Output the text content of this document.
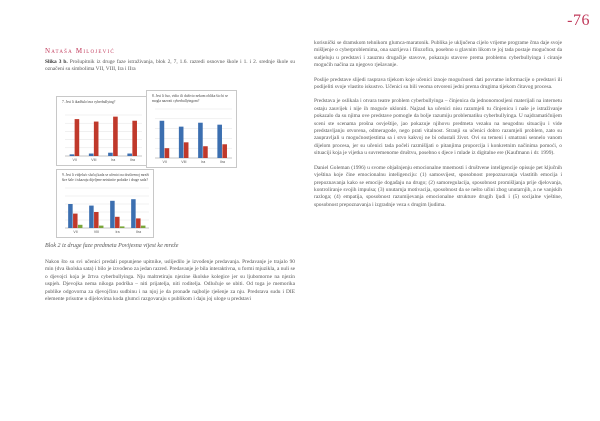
-76
Nataša Milojević
Slika 3 b. Prošupitnik iz druge faze istraživanja, blok 2, 7, 1.6. razredi osnovne škole i 1. i 2. srednje škole su označeni su simbolima VII, VIII, Ira i IIra
7. Jesi li ikadšulo/ava cyberbullying?
VII	VIII	Ira	IIra
8. Jesi li čuo, vidio ili doživio nekom oblika što bi se mogla nazvati cyberbullyingom?
VII	VIII	Ira	IIra
9. Jesi li vidjela/o slučaj kada se učenici na društvenoj mreži šire šale i iskazuju dijeljene neistinite podatke i druge sada?
VII	VIII	Ira	IIra
Blok 2 iz druge faze predmeta Povijesna vijest ke mreže
Nakon što su svi učenici predali popunjene upitnike, uslijedilo je izvođenje predavanja. Predavanje je trajalo 90 min (dva školska sata) i bilo je izvođeno za jedan razred. Predavanje je bila interaktivna, u formi mjuzikla, a nuli se o djevojci koja je žrtva cyberbullyinga. Nju maltretiraju njezine školske kolegice jer su ljubomorne na njezin uspjeh. Djevojka nema nikoga podrška – niti prijatelja, niti roditelja. Odlučuje se ubiti. Od toga je memorika publike odgovorna za djevojčinu sudbinu i na njoj je da pronađe najbolje rješenje za nju. Predstava sudu i DIE elemente prisutne u dijelovima koda glumci razgovaraju s publikom i daju joj uloge u predstavi

korisnički se dramskom tehnikom glumca-maratonik. Publika je uključena cijelo vrijeme programe čma daje svoje mišljenje o cyberproblemima, ona sazrijeva i filozofira, posebno u glavnim likom te joj tada postaje mogućnost da sudjeluju u predstavi i zauzmu drugačije stavove, pokazuju stavove prema problemu cyberbullyinga i ciranje mogućih načina za njegovo rješavanje.

Poslije predstave slijedi rasprava tijekom koje učenici iznoje mogućnosti dati povratne informacije o predstavi ili podijeliti svoje vlastito iskustvo. Učenici su bili veoma otvoreni jedni prema drugima tijekom čitavog procesa.

Predstava je oslikala i otvara teatre problem cyberbullyinga – činjenica da jednonomosljeni materijali na internetu ostaju zauvijek i nije ih moguće ukloniti. Najzad ka učenici nisu razumjeli tu činjenicu i naše je istraživanje pokazalo da su njima ove predstave pomogle da bolje razumiju problematiku cyberbullyinga. U najdramatičnijem sceni ste scenama prošna osvještije, jao pokazuje njihovu predmeta vezaku na neugodnu situaciju i vide predstavljanju otvorena, odmeragode, nego prati vitalnost. Stranji su učenici dobro razumjeli problem, zato su zaupravljali u mogućnostjestima sa i stvo kakvoj ne bi odustali život. Ovi su temeni i smatrani sennelo vanom dijelom procesa, jer su učenici tada počeli razmišljati o pitanjima proporcija i konkretnim načinima pomoći, o situaciji koja je vijetka u suvremenome društvu, posebno s djece i mlade iz digitalne ere (Kaufmann i dr. 1999).

Daniel Goleman (1996) u svome objašnjenju emocionalne mnemosti i društvene inteligencije opisuje pet ključnih vještina koje čine emocionalnu inteligenciju: (1) samosvijest, sposobnost prepoznavanja vlastitih emocija i prepoznavanja kako se emocije događaju na drugo; (2) samoregulacija, sposobnost promišljanja prije djelovanja, kontroliranje svojih impulsa; (3) unutarnja motivacija, sposobnost da se nešto učini zbog unutarnjih, a ne vanjskih razloga; (4) empatija, sposobnost razumijevanja emocionalne strukture drugih ljudi i (5) socijalne vještine, sposobnost prepoznavanja i izgradnje veza s drugim ljudima.
